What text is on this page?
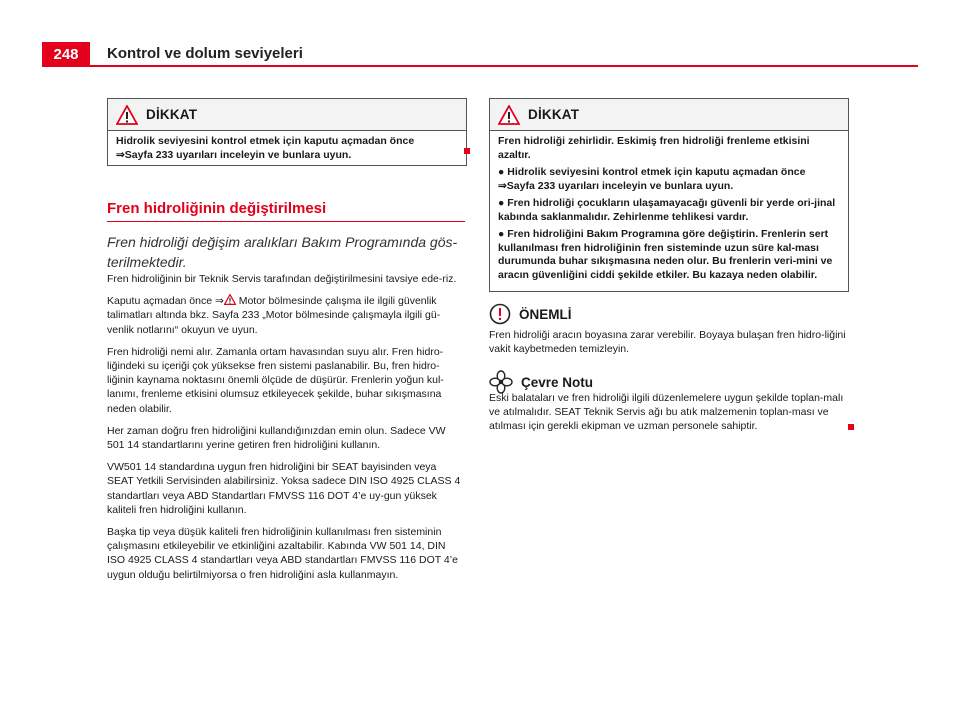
248	Kontrol ve dolum seviyeleri
DİKKAT
Hidrolik seviyesini kontrol etmek için kaputu açmadan önce
⇒Sayfa 233 uyarıları inceleyin ve bunlara uyun.
Fren hidroliğinin değiştirilmesi
Fren hidroliği değişim aralıkları Bakım Programında gös-terilmektedir.

Fren hidroliğinin bir Teknik Servis tarafından değiştirilmesini tavsiye ede-riz.

Kaputu açmadan önce ⇒ Motor bölmesinde çalışma ile ilgili güvenlik talimatları altında bkz. Sayfa 233 „Motor bölmesinde çalışmayla ilgili gü-venlik notlarını“ okuyun ve uyun.

Fren hidroliği nemi alır. Zamanla ortam havasından suyu alır. Fren hidro-liğindeki su içeriği çok yüksekse fren sistemi paslanabilir. Bu, fren hidro-liğinin kaynama noktasını önemli ölçüde de düşürür. Frenlerin yoğun kul-lanımı, frenleme etkisini olumsuz etkileyecek şekilde, buhar sıkışmasına neden olabilir.

Her zaman doğru fren hidroliğini kullandığınızdan emin olun. Sadece VW 501 14 standartlarını yerine getiren fren hidroliğini kullanın.

VW501 14 standardına uygun fren hidroliğini bir SEAT bayisinden veya SEAT Yetkili Servisinden alabilirsiniz. Yoksa sadece DIN ISO 4925 CLASS 4 standartları veya ABD Standartları FMVSS 116 DOT 4’e uy-gun yüksek kaliteli fren hidroliğini kullanın.

Başka tip veya düşük kaliteli fren hidroliğinin kullanılması fren sisteminin çalışmasını etkileyebilir ve etkinliğini azaltabilir. Kabında VW 501 14, DIN ISO 4925 CLASS 4 standartları veya ABD standartları FMVSS 116 DOT 4’e uygun olduğu belirtilmiyorsa o fren hidroliğini asla kullanmayın.

DİKKAT

Fren hidroliği zehirlidir. Eskimiş fren hidroliği frenleme etkisini azaltır.

● Hidrolik seviyesini kontrol etmek için kaputu açmadan önce ⇒Sayfa 233 uyarıları inceleyin ve bunlara uyun.

● Fren hidroliği çocukların ulaşamayacağı güvenli bir yerde ori-jinal kabında saklanmalıdır. Zehirlenme tehlikesi vardır.

● Fren hidroliğini Bakım Programına göre değiştirin. Frenlerin sert kullanılması fren hidroliğinin fren sisteminde uzun süre kal-ması durumunda buhar sıkışmasına neden olur. Bu frenlerin veri-mini ve aracın güvenliğini ciddi şekilde etkiler. Bu kazaya neden olabilir.

ÖNEMLİ
Fren hidroliği aracın boyasına zarar verebilir. Boyaya bulaşan fren hidro-liğini vakit kaybetmeden temizleyin.
Çevre Notu
Eski balataları ve fren hidroliği ilgili düzenlemelere uygun şekilde toplan-malı ve atılmalıdır. SEAT Teknik Servis ağı bu atık malzemenin toplan-ması ve atılması için gerekli ekipman ve uzman personele sahiptir.
